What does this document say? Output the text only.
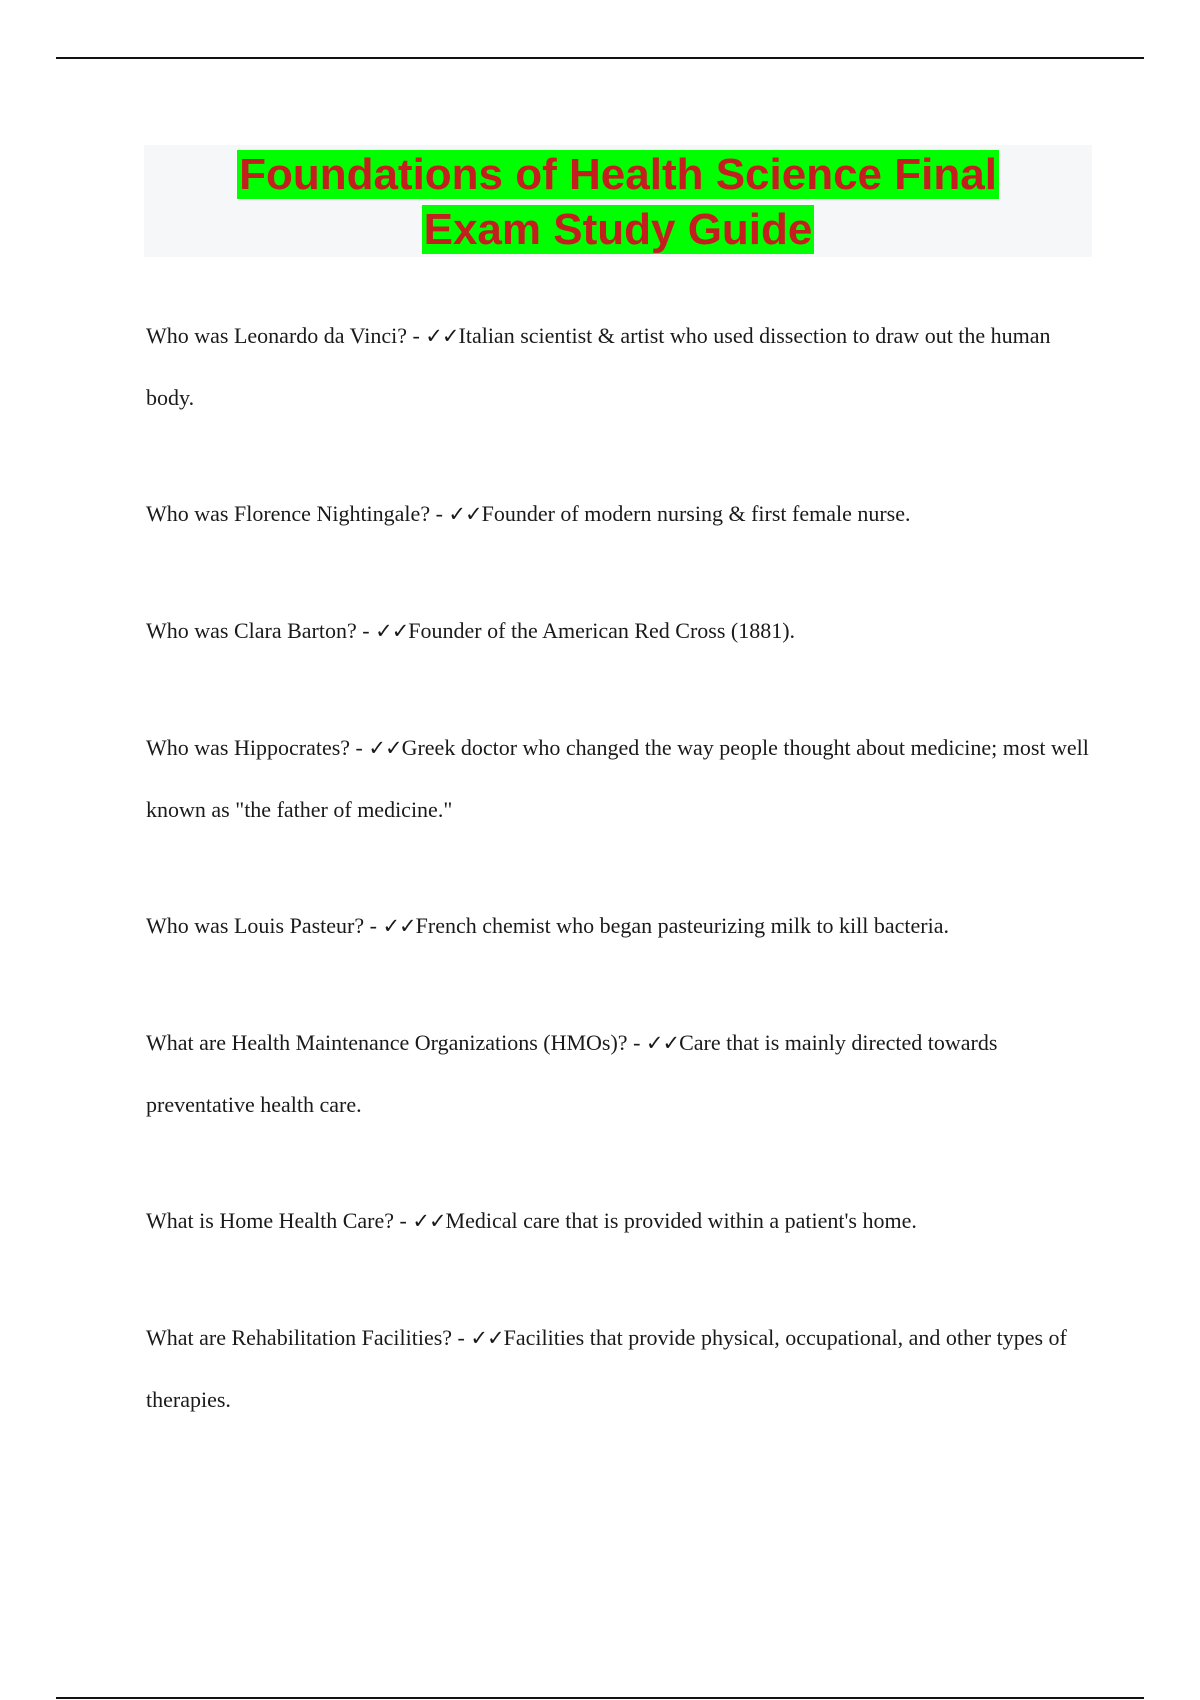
Foundations of Health Science Final
Exam Study Guide
Who was Leonardo da Vinci? - ✓✓Italian scientist & artist who used dissection to draw out the human body.
Who was Florence Nightingale? - ✓✓Founder of modern nursing & first female nurse.
Who was Clara Barton? - ✓✓Founder of the American Red Cross (1881).
Who was Hippocrates? - ✓✓Greek doctor who changed the way people thought about medicine; most well known as "the father of medicine."
Who was Louis Pasteur? - ✓✓French chemist who began pasteurizing milk to kill bacteria.
What are Health Maintenance Organizations (HMOs)? - ✓✓Care that is mainly directed towards preventative health care.
What is Home Health Care? - ✓✓Medical care that is provided within a patient's home.
What are Rehabilitation Facilities? - ✓✓Facilities that provide physical, occupational, and other types of therapies.
